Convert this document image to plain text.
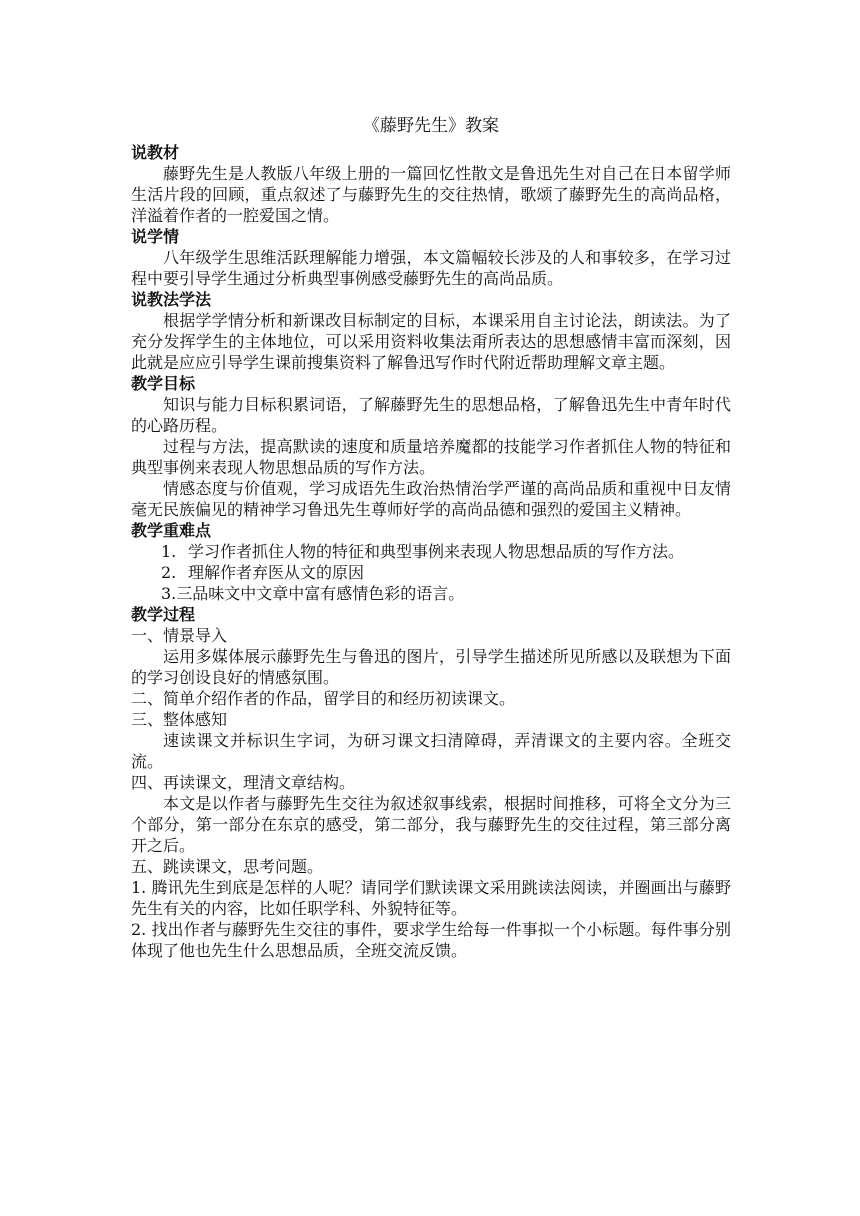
《藤野先生》教案

说教材

藤野先生是人教版八年级上册的一篇回忆性散文是鲁迅先生对自己在日本留学师生活片段的回顾，重点叙述了与藤野先生的交往热情，歌颂了藤野先生的高尚品格，洋溢着作者的一腔爱国之情。

说学情

八年级学生思维活跃理解能力增强，本文篇幅较长涉及的人和事较多，在学习过程中要引导学生通过分析典型事例感受藤野先生的高尚品质。

说教法学法

根据学学情分析和新课改目标制定的目标，本课采用自主讨论法，朗读法。为了充分发挥学生的主体地位，可以采用资料收集法甭所表达的思想感情丰富而深刻，因此就是应应引导学生课前搜集资料了解鲁迅写作时代附近帮助理解文章主题。

教学目标

知识与能力目标积累词语，了解藤野先生的思想品格，了解鲁迅先生中青年时代的心路历程。

过程与方法，提高默读的速度和质量培养魔都的技能学习作者抓住人物的特征和典型事例来表现人物思想品质的写作方法。

情感态度与价值观，学习成语先生政治热情治学严谨的高尚品质和重视中日友情毫无民族偏见的精神学习鲁迅先生尊师好学的高尚品德和强烈的爱国主义精神。

教学重难点

1. 学习作者抓住人物的特征和典型事例来表现人物思想品质的写作方法。

2. 理解作者弃医从文的原因

3.三品味文中文章中富有感情色彩的语言。

教学过程

一、情景导入

运用多媒体展示藤野先生与鲁迅的图片，引导学生描述所见所感以及联想为下面的学习创设良好的情感氛围。

二、简单介绍作者的作品，留学目的和经历初读课文。

三、整体感知

速读课文并标识生字词，为研习课文扫清障碍，弄清课文的主要内容。全班交流。

四、再读课文，理清文章结构。

本文是以作者与藤野先生交往为叙述叙事线索，根据时间推移，可将全文分为三个部分，第一部分在东京的感受，第二部分，我与藤野先生的交往过程，第三部分离开之后。

五、跳读课文，思考问题。

1. 腾讯先生到底是怎样的人呢？请同学们默读课文采用跳读法阅读，并圈画出与藤野先生有关的内容，比如任职学科、外貌特征等。

2. 找出作者与藤野先生交往的事件，要求学生给每一件事拟一个小标题。每件事分别体现了他也先生什么思想品质，全班交流反馈。
